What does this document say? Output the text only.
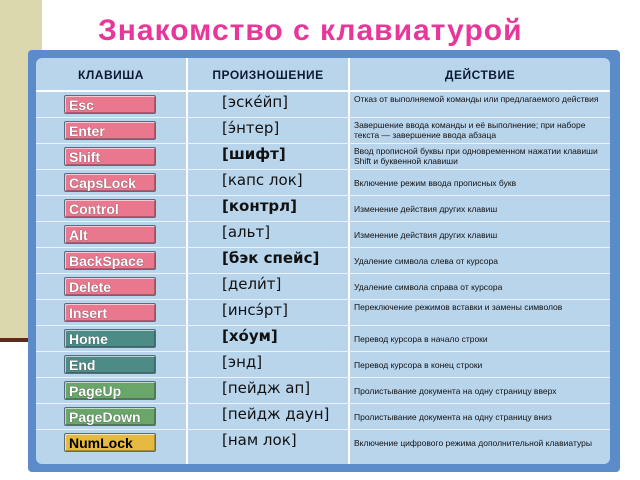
Знакомство с клавиатурой
КЛАВИША	ПРОИЗНОШЕНИЕ	ДЕЙСТВИЕ
Esc	[эске́йп]	Отказ от выполняемой команды или предлагаемого действия
Enter	[э́нтер]	Завершение ввода команды и её выполнение; при наборе текста — завершение ввода абзаца
Shift	[шифт]	Ввод прописной буквы при одновременном нажатии клавиши Shift и буквенной клавиши
CapsLock	[капс лок]	Включение режим ввода прописных букв
Control	[контрл]	Изменение действия других клавиш
Alt	[альт]	Изменение действия других клавиш
BackSpace	[бэк спейс]	Удаление символа слева от курсора
Delete	[дели́т]	Удаление символа справа от курсора
Insert	[инсэ́рт]	Переключение режимов вставки и замены символов
Home	[хо́ум]	Перевод курсора в начало строки
End	[энд]	Перевод курсора в конец строки
PageUp	[пейдж ап]	Пролистывание документа на одну страницу вверх
PageDown	[пейдж даун]	Пролистывание документа на одну страницу вниз
NumLock	[нам лок]	Включение цифрового режима дополнительной клавиатуры
